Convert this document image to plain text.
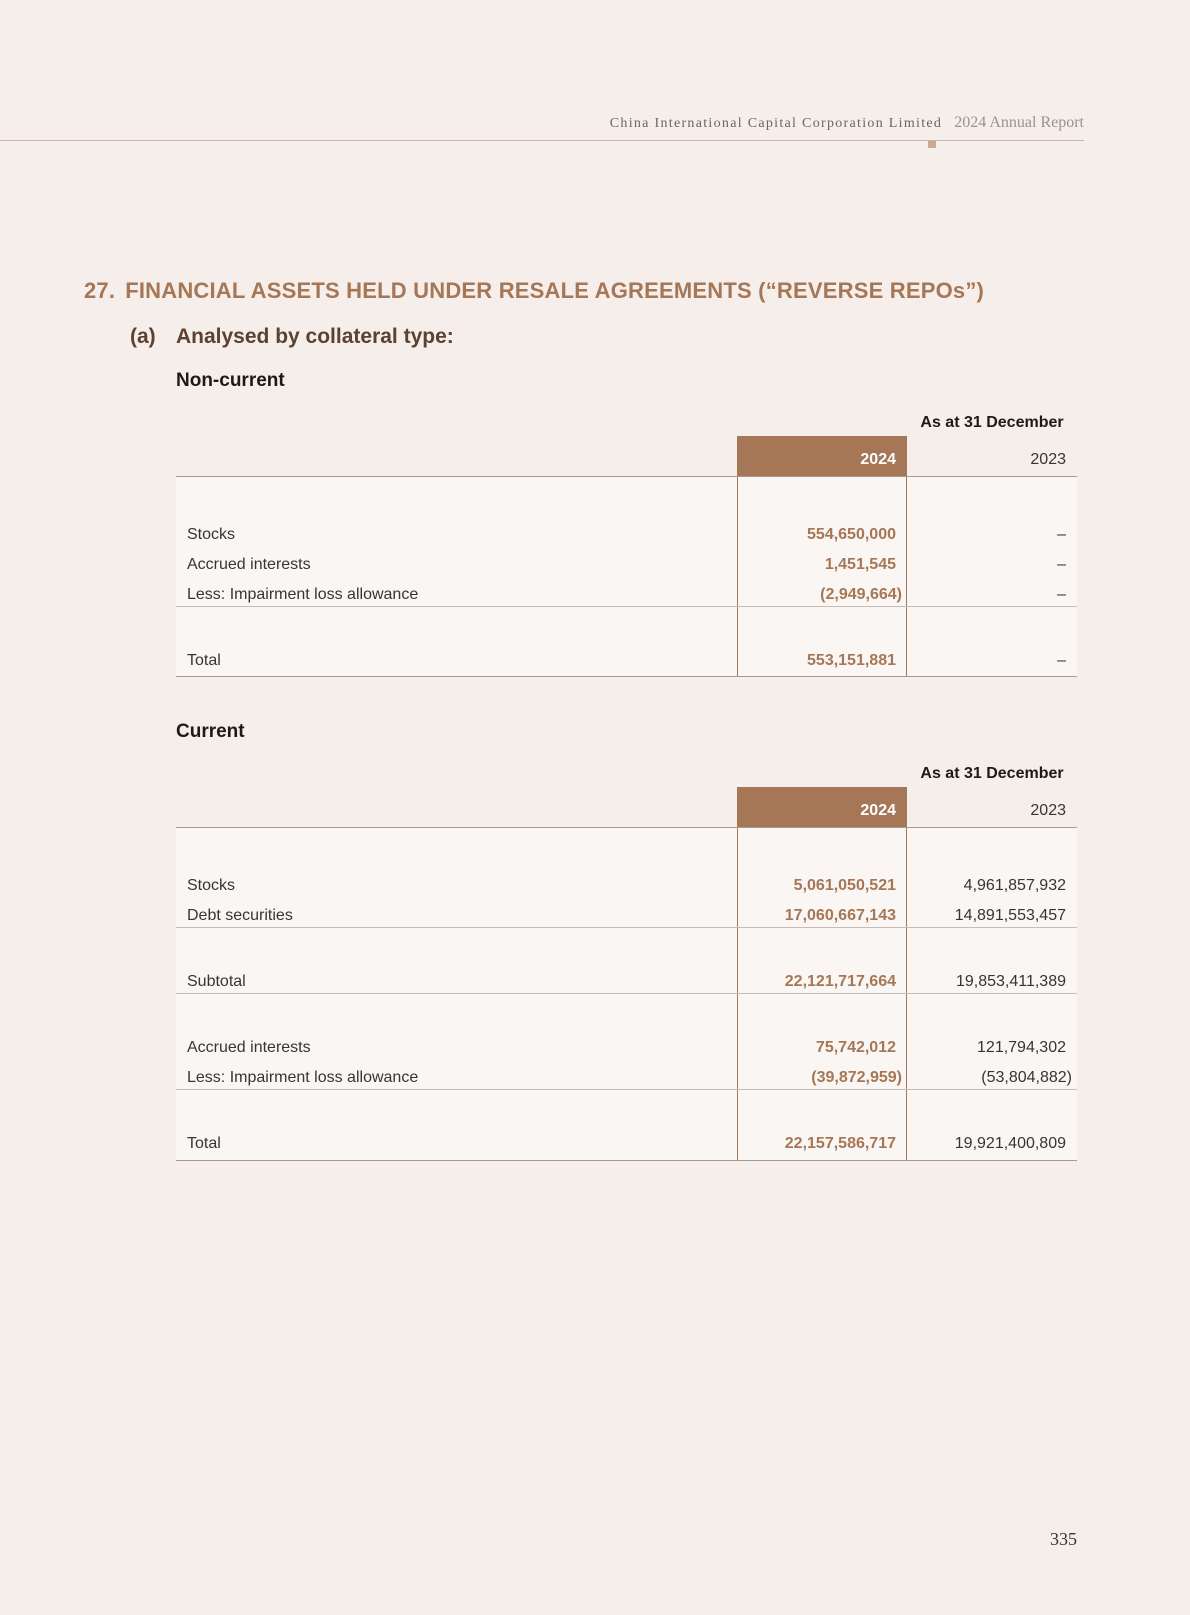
China International Capital Corporation Limited 2024 Annual Report
27. FINANCIAL ASSETS HELD UNDER RESALE AGREEMENTS (“REVERSE REPOs”)
(a) Analysed by collateral type:
Non-current
As at 31 December
2024	2023
Stocks	554,650,000	–
Accrued interests	1,451,545	–
Less: Impairment loss allowance	(2,949,664)	–
Total	553,151,881	–
Current
As at 31 December
2024	2023
Stocks	5,061,050,521	4,961,857,932
Debt securities	17,060,667,143	14,891,553,457
Subtotal	22,121,717,664	19,853,411,389
Accrued interests	75,742,012	121,794,302
Less: Impairment loss allowance	(39,872,959)	(53,804,882)
Total	22,157,586,717	19,921,400,809
335
